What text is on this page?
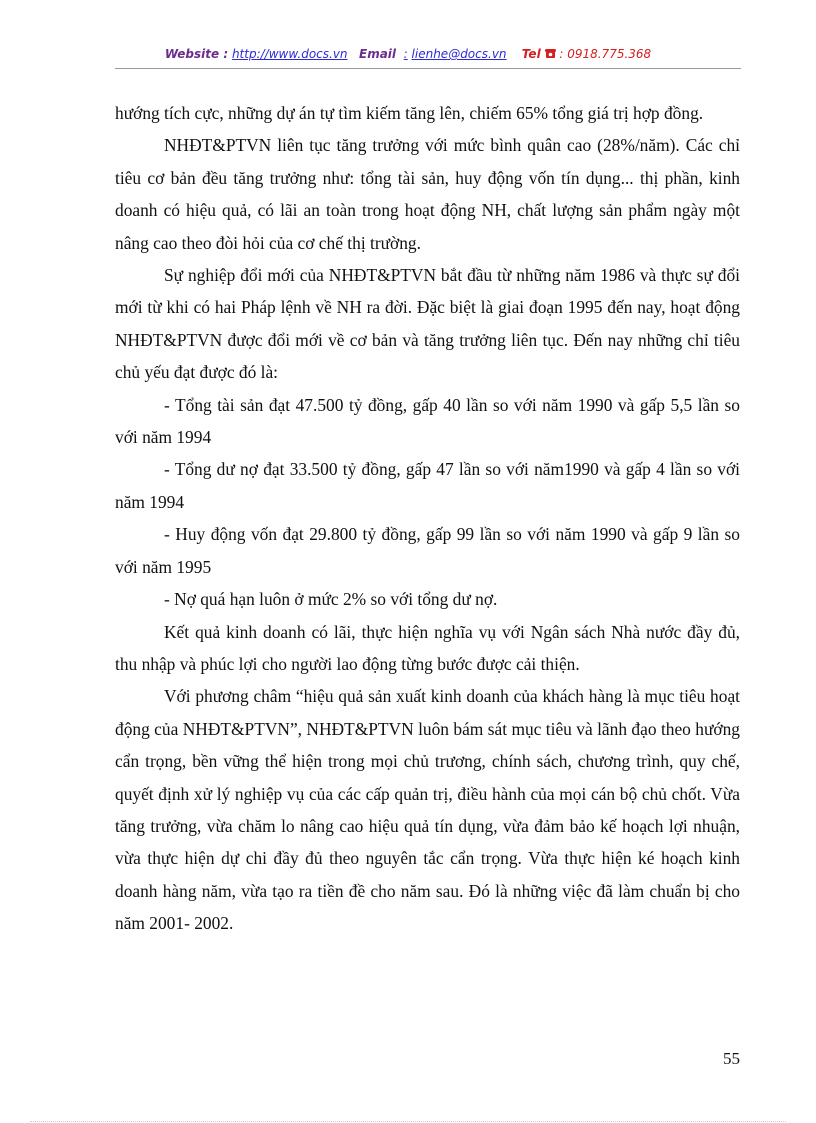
Website : http://www.docs.vn Email : lienhe@docs.vn Tel : 0918.775.368

hướng tích cực, những dự án tự tìm kiếm tăng lên, chiếm 65% tổng giá trị hợp đồng.

NHĐT&PTVN liên tục tăng trưởng với mức bình quân cao (28%/năm). Các chỉ tiêu cơ bản đều tăng trưởng như: tổng tài sản, huy động vốn tín dụng... thị phần, kinh doanh có hiệu quả, có lãi an toàn trong hoạt động NH, chất lượng sản phẩm ngày một nâng cao theo đòi hỏi của cơ chế thị trường.

Sự nghiệp đổi mới của NHĐT&PTVN bắt đầu từ những năm 1986 và thực sự đổi mới từ khi có hai Pháp lệnh về NH ra đời. Đặc biệt là giai đoạn 1995 đến nay, hoạt động NHĐT&PTVN được đổi mới về cơ bản và tăng trưởng liên tục. Đến nay những chỉ tiêu chủ yếu đạt được đó là:

- Tổng tài sản đạt 47.500 tỷ đồng, gấp 40 lần so với năm 1990 và gấp 5,5 lần so với năm 1994

- Tổng dư nợ đạt 33.500 tỷ đồng, gấp 47 lần so với năm1990 và gấp 4 lần so với năm 1994

- Huy động vốn đạt 29.800 tỷ đồng, gấp 99 lần so với năm 1990 và gấp 9 lần so với năm 1995

- Nợ quá hạn luôn ở mức 2% so với tổng dư nợ.

Kết quả kinh doanh có lãi, thực hiện nghĩa vụ với Ngân sách Nhà nước đầy đủ, thu nhập và phúc lợi cho người lao động từng bước được cải thiện.

Với phương châm “hiệu quả sản xuất kinh doanh của khách hàng là mục tiêu hoạt động của NHĐT&PTVN”, NHĐT&PTVN luôn bám sát mục tiêu và lãnh đạo theo hướng cẩn trọng, bền vững thể hiện trong mọi chủ trương, chính sách, chương trình, quy chế, quyết định xử lý nghiệp vụ của các cấp quản trị, điều hành của mọi cán bộ chủ chốt. Vừa tăng trưởng, vừa chăm lo nâng cao hiệu quả tín dụng, vừa đảm bảo kế hoạch lợi nhuận, vừa thực hiện dự chi đầy đủ theo nguyên tắc cẩn trọng. Vừa thực hiện ké hoạch kinh doanh hàng năm, vừa tạo ra tiền đề cho năm sau. Đó là những việc đã làm chuẩn bị cho năm 2001- 2002.

55
